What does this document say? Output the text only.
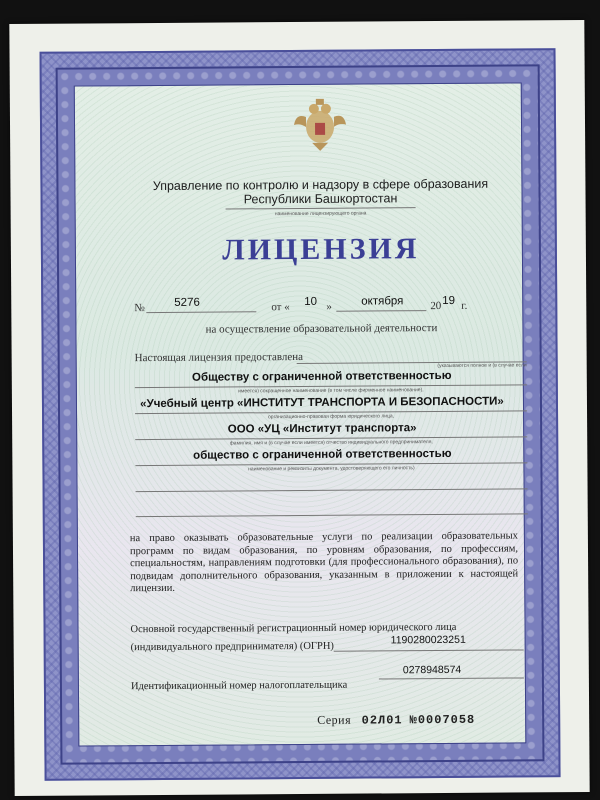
Управление по контролю и надзору в сфере образования
Республики Башкортостан
наименование лицензирующего органа
ЛИЦЕНЗИЯ
№	5276	от « 10 »	октября 20 19 г.
на осуществление образовательной деятельности
Настоящая лицензия предоставлена
(указываются полное и (в случае если
Обществу с ограниченной ответственностью
имеется) сокращенное наименование (в том числе фирменное наименование),
«Учебный центр «ИНСТИТУТ ТРАНСПОРТА И БЕЗОПАСНОСТИ»
организационно-правовая форма юридического лица,
ООО «УЦ «Институт транспорта»
фамилия, имя и (в случае если имеется) отчество индивидуального предпринимателя,
общество с ограниченной ответственностью
наименование и реквизиты документа, удостоверяющего его личность)
на право оказывать образовательные услуги по реализации образовательных программ по видам образования, по уровням образования, по профессиям, специальностям, направлениям подготовки (для профессионального образования), по подвидам дополнительного образования, указанным в приложении к настоящей лицензии.
Основной государственный регистрационный номер юридического лица
(индивидуального предпринимателя) (ОГРН)
1190280023251
0278948574
Идентификационный номер налогоплательщика
Серия 02Л01 №0007058
